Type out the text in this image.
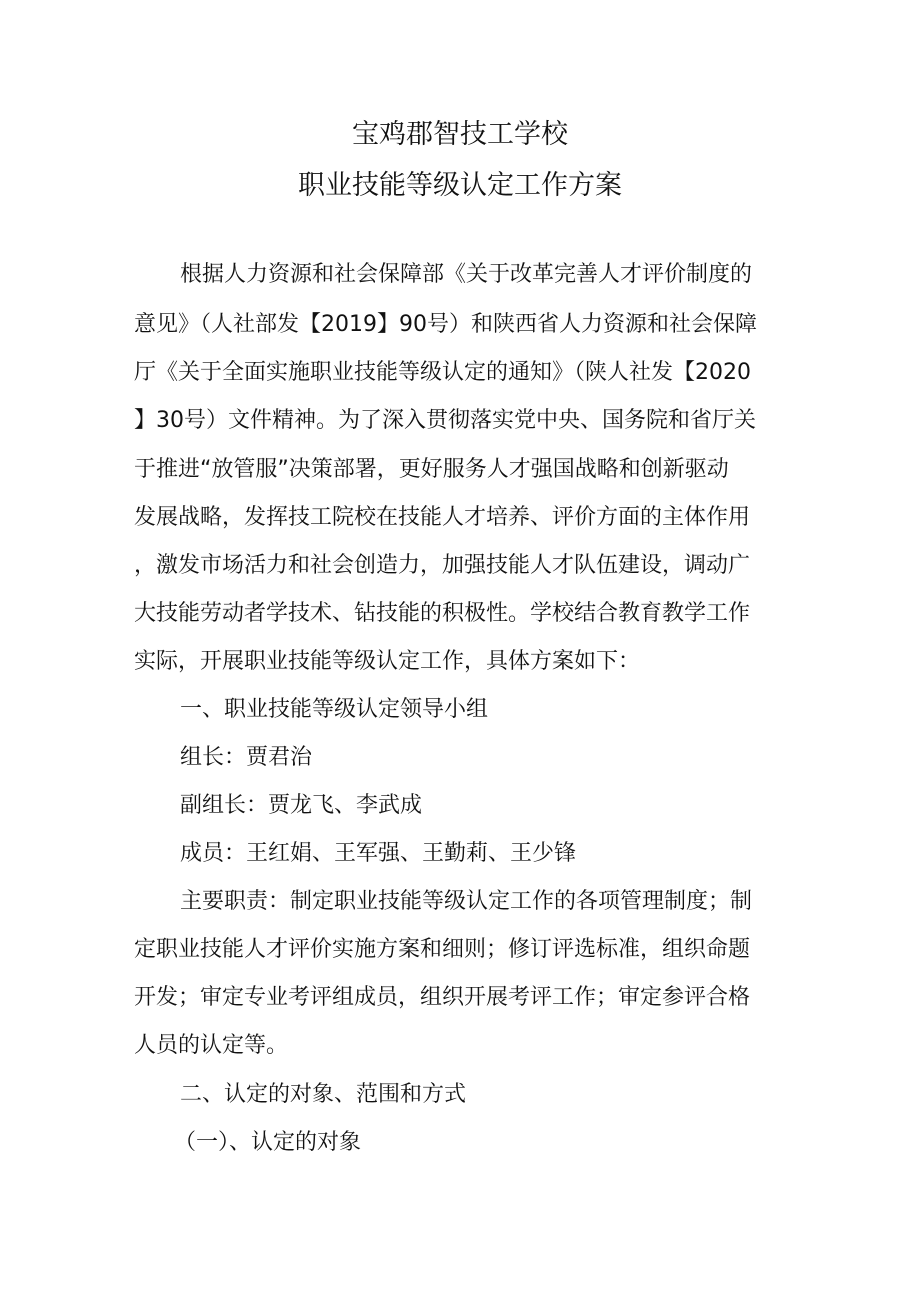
宝鸡郡智技工学校
职业技能等级认定工作方案
根据人力资源和社会保障部《关于改革完善人才评价制度的
意见》（人社部发【2019】90号）和陕西省人力资源和社会保障
厅《关于全面实施职业技能等级认定的通知》（陕人社发【2020
】30号）文件精神。为了深入贯彻落实党中央、国务院和省厅关
于推进“放管服”决策部署，更好服务人才强国战略和创新驱动
发展战略，发挥技工院校在技能人才培养、评价方面的主体作用
，激发市场活力和社会创造力，加强技能人才队伍建设，调动广
大技能劳动者学技术、钻技能的积极性。学校结合教育教学工作
实际，开展职业技能等级认定工作，具体方案如下：
一、职业技能等级认定领导小组
组长：贾君治
副组长：贾龙飞、李武成
成员：王红娟、王军强、王勤莉、王少锋
主要职责：制定职业技能等级认定工作的各项管理制度；制
定职业技能人才评价实施方案和细则；修订评选标准，组织命题
开发；审定专业考评组成员，组织开展考评工作；审定参评合格
人员的认定等。
二、认定的对象、范围和方式
（一）、认定的对象
